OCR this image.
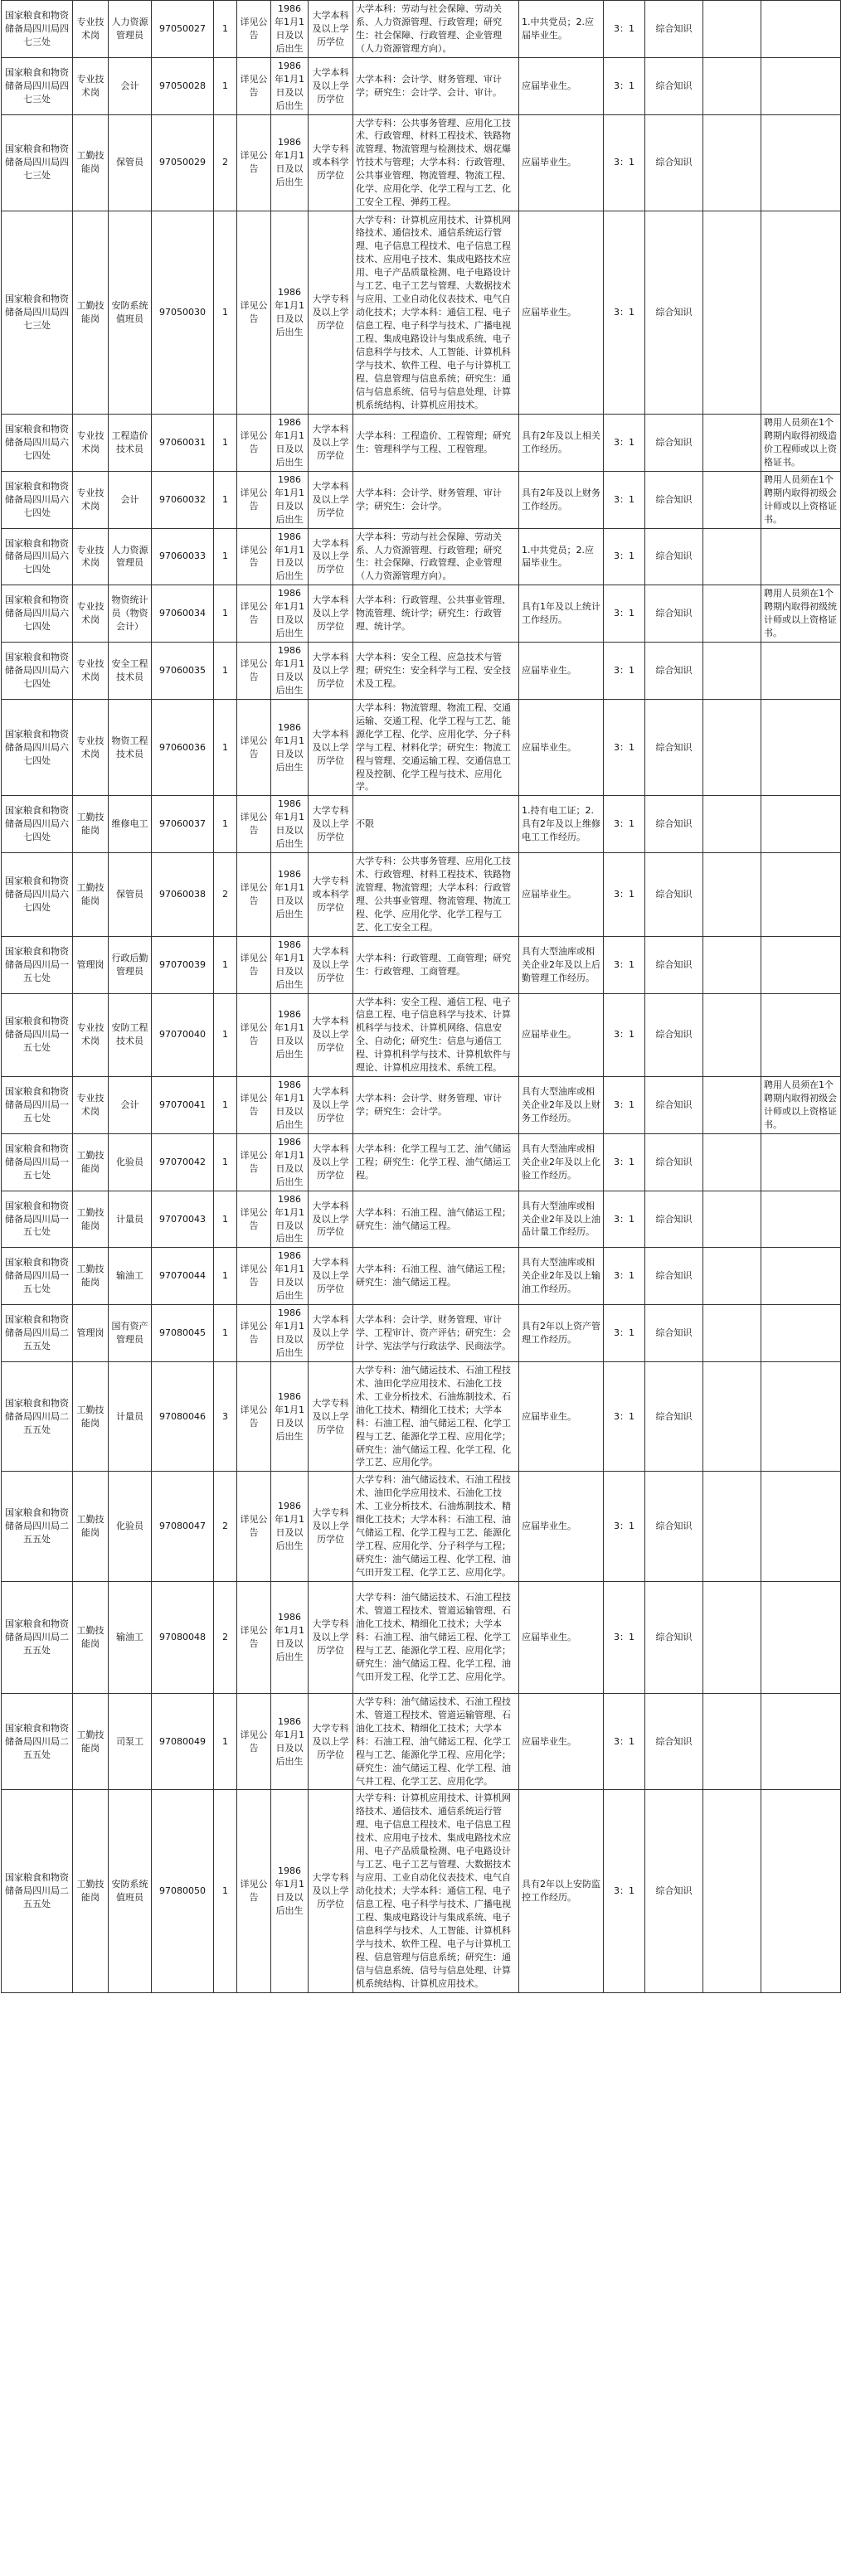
国家粮食和物资储备局四川局四七三处	专业技术岗	人力资源管理员	97050027	1	详见公告	1986年1月1日及以后出生	大学本科及以上学历学位	大学本科：劳动与社会保障、劳动关系、人力资源管理、行政管理；研究生：社会保障、行政管理、企业管理（人力资源管理方向）。	1.中共党员；2.应届毕业生。	3：1	综合知识		
国家粮食和物资储备局四川局四七三处	专业技术岗	会计	97050028	1	详见公告	1986年1月1日及以后出生	大学本科及以上学历学位	大学本科：会计学、财务管理、审计学；研究生：会计学、会计、审计。	应届毕业生。	3：1	综合知识		
国家粮食和物资储备局四川局四七三处	工勤技能岗	保管员	97050029	2	详见公告	1986年1月1日及以后出生	大学专科或本科学历学位	大学专科：公共事务管理、应用化工技术、行政管理、材料工程技术、铁路物流管理、物流管理与检测技术、烟花爆竹技术与管理；大学本科：行政管理、公共事业管理、物流管理、物流工程、化学、应用化学、化学工程与工艺、化工安全工程、弹药工程。	应届毕业生。	3：1	综合知识		
国家粮食和物资储备局四川局四七三处	工勤技能岗	安防系统值班员	97050030	1	详见公告	1986年1月1日及以后出生	大学专科及以上学历学位	大学专科：计算机应用技术、计算机网络技术、通信技术、通信系统运行管理、电子信息工程技术、电子信息工程技术、应用电子技术、集成电路技术应用、电子产品质量检测、电子电路设计与工艺、电子工艺与管理、大数据技术与应用、工业自动化仪表技术、电气自动化技术；大学本科：通信工程、电子信息工程、电子科学与技术、广播电视工程、集成电路设计与集成系统、电子信息科学与技术、人工智能、计算机科学与技术、软件工程、电子与计算机工程、信息管理与信息系统；研究生：通信与信息系统、信号与信息处理、计算机系统结构、计算机应用技术。	应届毕业生。	3：1	综合知识		
国家粮食和物资储备局四川局六七四处	专业技术岗	工程造价技术员	97060031	1	详见公告	1986年1月1日及以后出生	大学本科及以上学历学位	大学本科：工程造价、工程管理；研究生：管理科学与工程、工程管理。	具有2年及以上相关工作经历。	3：1	综合知识		聘用人员须在1个聘期内取得初级造价工程师或以上资格证书。
国家粮食和物资储备局四川局六七四处	专业技术岗	会计	97060032	1	详见公告	1986年1月1日及以后出生	大学本科及以上学历学位	大学本科：会计学、财务管理、审计学；研究生：会计学。	具有2年及以上财务工作经历。	3：1	综合知识		聘用人员须在1个聘期内取得初级会计师或以上资格证书。
国家粮食和物资储备局四川局六七四处	专业技术岗	人力资源管理员	97060033	1	详见公告	1986年1月1日及以后出生	大学本科及以上学历学位	大学本科：劳动与社会保障、劳动关系、人力资源管理、行政管理；研究生：社会保障、行政管理、企业管理（人力资源管理方向）。	1.中共党员；2.应届毕业生。	3：1	综合知识		
国家粮食和物资储备局四川局六七四处	专业技术岗	物资统计员（物资会计）	97060034	1	详见公告	1986年1月1日及以后出生	大学本科及以上学历学位	大学本科：行政管理、公共事业管理、物流管理、统计学；研究生：行政管理、统计学。	具有1年及以上统计工作经历。	3：1	综合知识		聘用人员须在1个聘期内取得初级统计师或以上资格证书。
国家粮食和物资储备局四川局六七四处	专业技术岗	安全工程技术员	97060035	1	详见公告	1986年1月1日及以后出生	大学本科及以上学历学位	大学本科：安全工程、应急技术与管理；研究生：安全科学与工程、安全技术及工程。	应届毕业生。	3：1	综合知识		
国家粮食和物资储备局四川局六七四处	专业技术岗	物资工程技术员	97060036	1	详见公告	1986年1月1日及以后出生	大学本科及以上学历学位	大学本科：物流管理、物流工程、交通运输、交通工程、化学工程与工艺、能源化学工程、化学、应用化学、分子科学与工程、材料化学；研究生：物流工程与管理、交通运输工程、交通信息工程及控制、化学工程与技术、应用化学。	应届毕业生。	3：1	综合知识		
国家粮食和物资储备局四川局六七四处	工勤技能岗	维修电工	97060037	1	详见公告	1986年1月1日及以后出生	大学专科及以上学历学位	不限	1.持有电工证；2.具有2年及以上维修电工工作经历。	3：1	综合知识		
国家粮食和物资储备局四川局六七四处	工勤技能岗	保管员	97060038	2	详见公告	1986年1月1日及以后出生	大学专科或本科学历学位	大学专科：公共事务管理、应用化工技术、行政管理、材料工程技术、铁路物流管理、物流管理；大学本科：行政管理、公共事业管理、物流管理、物流工程、化学、应用化学、化学工程与工艺、化工安全工程。	应届毕业生。	3：1	综合知识		
国家粮食和物资储备局四川局一五七处	管理岗	行政后勤管理员	97070039	1	详见公告	1986年1月1日及以后出生	大学本科及以上学历学位	大学本科：行政管理、工商管理；研究生：行政管理、工商管理。	具有大型油库或相关企业2年及以上后勤管理工作经历。	3：1	综合知识		
国家粮食和物资储备局四川局一五七处	专业技术岗	安防工程技术员	97070040	1	详见公告	1986年1月1日及以后出生	大学本科及以上学历学位	大学本科：安全工程、通信工程、电子信息工程、电子信息科学与技术、计算机科学与技术、计算机网络、信息安全、自动化；研究生：信息与通信工程、计算机科学与技术、计算机软件与理论、计算机应用技术、系统工程。	应届毕业生。	3：1	综合知识		
国家粮食和物资储备局四川局一五七处	专业技术岗	会计	97070041	1	详见公告	1986年1月1日及以后出生	大学本科及以上学历学位	大学本科：会计学、财务管理、审计学；研究生：会计学。	具有大型油库或相关企业2年及以上财务工作经历。	3：1	综合知识		聘用人员须在1个聘期内取得初级会计师或以上资格证书。
国家粮食和物资储备局四川局一五七处	工勤技能岗	化验员	97070042	1	详见公告	1986年1月1日及以后出生	大学本科及以上学历学位	大学本科：化学工程与工艺、油气储运工程；研究生：化学工程、油气储运工程。	具有大型油库或相关企业2年及以上化验工作经历。	3：1	综合知识		
国家粮食和物资储备局四川局一五七处	工勤技能岗	计量员	97070043	1	详见公告	1986年1月1日及以后出生	大学本科及以上学历学位	大学本科：石油工程、油气储运工程；研究生：油气储运工程。	具有大型油库或相关企业2年及以上油品计量工作经历。	3：1	综合知识		
国家粮食和物资储备局四川局一五七处	工勤技能岗	输油工	97070044	1	详见公告	1986年1月1日及以后出生	大学本科及以上学历学位	大学本科：石油工程、油气储运工程；研究生：油气储运工程。	具有大型油库或相关企业2年及以上输油工作经历。	3：1	综合知识		
国家粮食和物资储备局四川局二五五处	管理岗	国有资产管理员	97080045	1	详见公告	1986年1月1日及以后出生	大学本科及以上学历学位	大学本科：会计学、财务管理、审计学、工程审计、资产评估；研究生：会计学、宪法学与行政法学、民商法学。	具有2年以上资产管理工作经历。	3：1	综合知识		
国家粮食和物资储备局四川局二五五处	工勤技能岗	计量员	97080046	3	详见公告	1986年1月1日及以后出生	大学专科及以上学历学位	大学专科：油气储运技术、石油工程技术、油田化学应用技术、石油化工技术、工业分析技术、石油炼制技术、石油化工技术、精细化工技术；大学本科：石油工程、油气储运工程、化学工程与工艺、能源化学工程、应用化学；研究生：油气储运工程、化学工程、化学工艺、应用化学。	应届毕业生。	3：1	综合知识		
国家粮食和物资储备局四川局二五五处	工勤技能岗	化验员	97080047	2	详见公告	1986年1月1日及以后出生	大学专科及以上学历学位	大学专科：油气储运技术、石油工程技术、油田化学应用技术、石油化工技术、工业分析技术、石油炼制技术、精细化工技术；大学本科：石油工程、油气储运工程、化学工程与工艺、能源化学工程、应用化学、分子科学与工程；研究生：油气储运工程、化学工程、油气田开发工程、化学工艺、应用化学。	应届毕业生。	3：1	综合知识		
国家粮食和物资储备局四川局二五五处	工勤技能岗	输油工	97080048	2	详见公告	1986年1月1日及以后出生	大学专科及以上学历学位	大学专科：油气储运技术、石油工程技术、管道工程技术、管道运输管理、石油化工技术、精细化工技术；大学本科：石油工程、油气储运工程、化学工程与工艺、能源化学工程、应用化学；研究生：油气储运工程、化学工程、油气田开发工程、化学工艺、应用化学。	应届毕业生。	3：1	综合知识		
国家粮食和物资储备局四川局二五五处	工勤技能岗	司泵工	97080049	1	详见公告	1986年1月1日及以后出生	大学专科及以上学历学位	大学专科：油气储运技术、石油工程技术、管道工程技术、管道运输管理、石油化工技术、精细化工技术；大学本科：石油工程、油气储运工程、化学工程与工艺、能源化学工程、应用化学；研究生：油气储运工程、化学工程、油气井工程、化学工艺、应用化学。	应届毕业生。	3：1	综合知识		
国家粮食和物资储备局四川局二五五处	工勤技能岗	安防系统值班员	97080050	1	详见公告	1986年1月1日及以后出生	大学专科及以上学历学位	大学专科：计算机应用技术、计算机网络技术、通信技术、通信系统运行管理、电子信息工程技术、电子信息工程技术、应用电子技术、集成电路技术应用、电子产品质量检测、电子电路设计与工艺、电子工艺与管理、大数据技术与应用、工业自动化仪表技术、电气自动化技术；大学本科：通信工程、电子信息工程、电子科学与技术、广播电视工程、集成电路设计与集成系统、电子信息科学与技术、人工智能、计算机科学与技术、软件工程、电子与计算机工程、信息管理与信息系统；研究生：通信与信息系统、信号与信息处理、计算机系统结构、计算机应用技术。	具有2年以上安防监控工作经历。	3：1	综合知识		
